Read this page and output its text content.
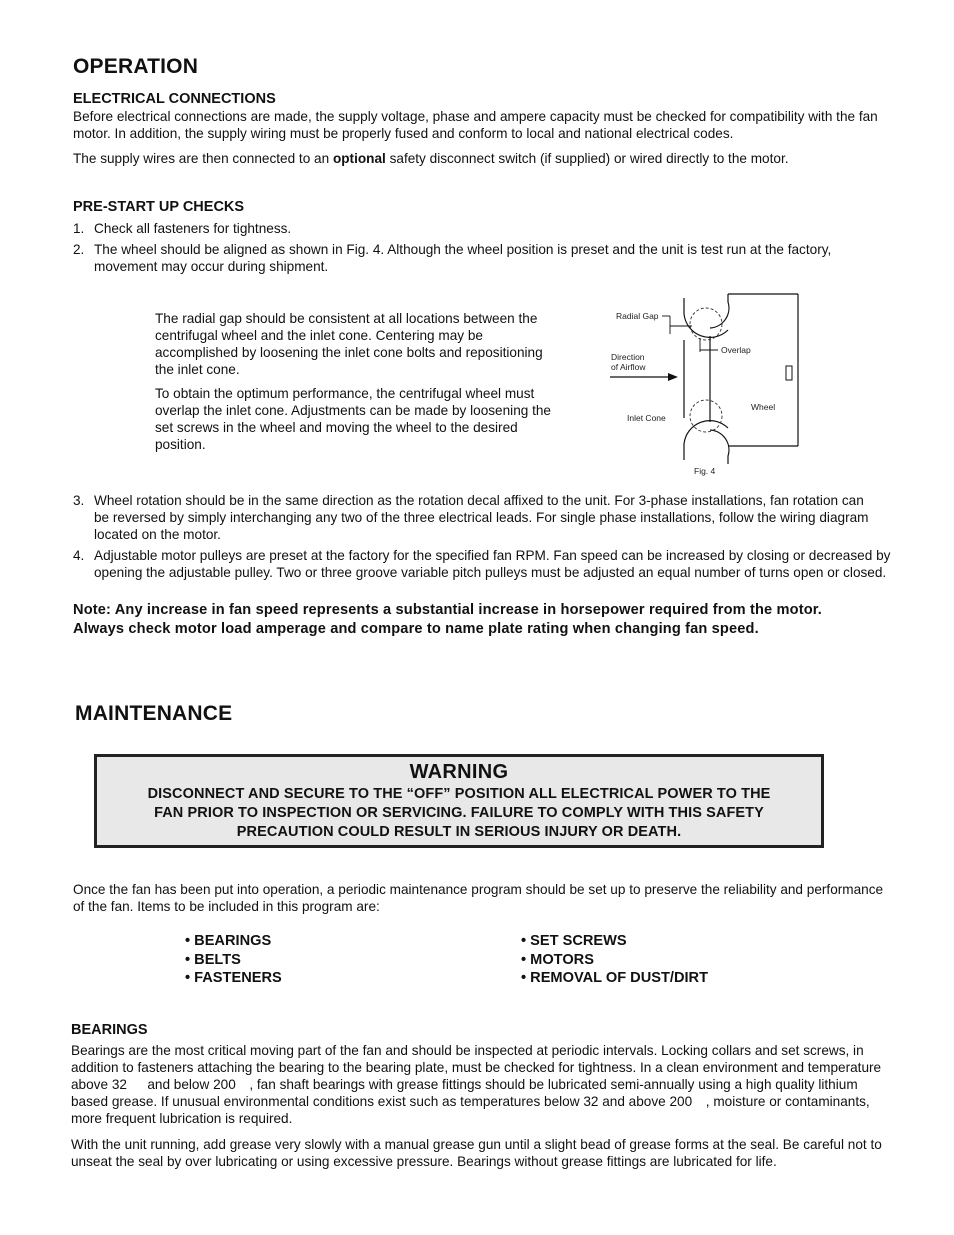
OPERATION
ELECTRICAL CONNECTIONS

Before electrical connections are made, the supply voltage, phase and ampere capacity must be checked for compatibility with the fan motor. In addition, the supply wiring must be properly fused and conform to local and national electrical codes.

The supply wires are then connected to an optional safety disconnect switch (if supplied) or wired directly to the motor.

PRE-START UP CHECKS
1. Check all fasteners for tightness.
2. The wheel should be aligned as shown in Fig. 4. Although the wheel position is preset and the unit is test run at the factory, movement may occur during shipment.

The radial gap should be consistent at all locations between the centrifugal wheel and the inlet cone. Centering may be accomplished by loosening the inlet cone bolts and repositioning the inlet cone.

To obtain the optimum performance, the centrifugal wheel must overlap the inlet cone. Adjustments can be made by loosening the set screws in the wheel and moving the wheel to the desired position.

Radial Gap
Direction
of Airflow
Overlap
Wheel
Inlet Cone
Fig. 4
3. Wheel rotation should be in the same direction as the rotation decal affixed to the unit. For 3-phase installations, fan rotation can be reversed by simply interchanging any two of the three electrical leads. For single phase installations, follow the wiring diagram located on the motor.
4. Adjustable motor pulleys are preset at the factory for the specified fan RPM. Fan speed can be increased by closing or decreased by opening the adjustable pulley. Two or three groove variable pitch pulleys must be adjusted an equal number of turns open or closed.
Note: Any increase in fan speed represents a substantial increase in horsepower required from the motor. Always check motor load amperage and compare to name plate rating when changing fan speed.
MAINTENANCE
WARNING
DISCONNECT AND SECURE TO THE “OFF” POSITION ALL ELECTRICAL POWER TO THE
FAN PRIOR TO INSPECTION OR SERVICING. FAILURE TO COMPLY WITH THIS SAFETY
PRECAUTION COULD RESULT IN SERIOUS INJURY OR DEATH.

Once the fan has been put into operation, a periodic maintenance program should be set up to preserve the reliability and performance of the fan. Items to be included in this program are:

• BEARINGS
• BELTS
• FASTENERS
• SET SCREWS
• MOTORS
• REMOVAL OF DUST/DIRT
BEARINGS

Bearings are the most critical moving part of the fan and should be inspected at periodic intervals. Locking collars and set screws, in addition to fasteners attaching the bearing to the bearing plate, must be checked for tightness. In a clean environment and temperature above 32  and below 200 , fan shaft bearings with grease fittings should be lubricated semi-annually using a high quality lithium based grease. If unusual environmental conditions exist such as temperatures below 32 and above 200 , moisture or contaminants, more frequent lubrication is required.

With the unit running, add grease very slowly with a manual grease gun until a slight bead of grease forms at the seal. Be careful not to unseat the seal by over lubricating or using excessive pressure. Bearings without grease fittings are lubricated for life.
